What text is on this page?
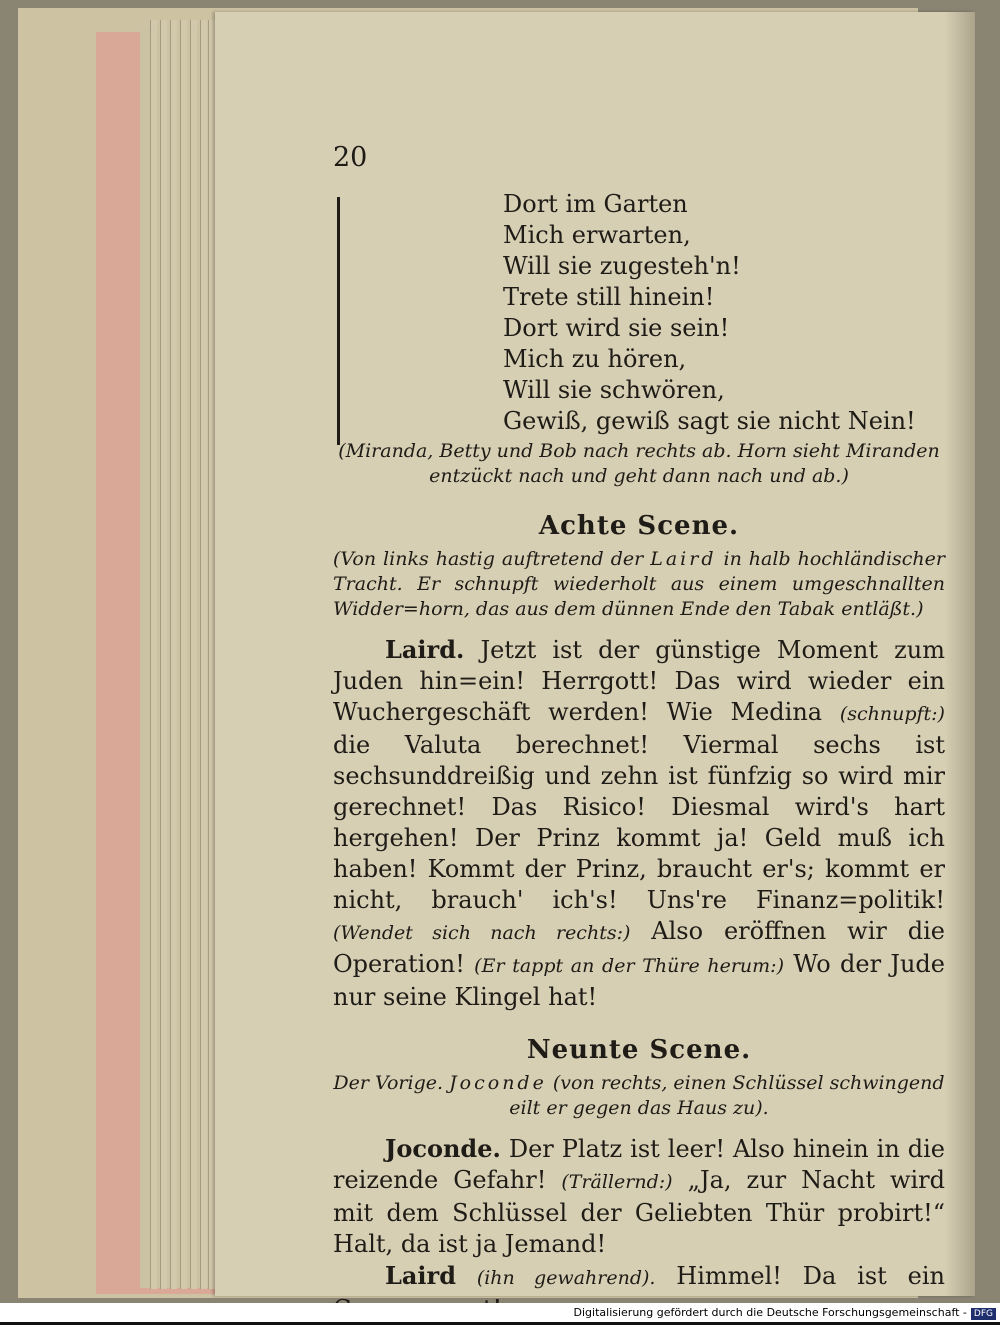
20
Dort im Garten
Mich erwarten,
Will sie zugesteh'n!
Trete still hinein!
Dort wird sie sein!
Mich zu hören,
Will sie schwören,
Gewiß, gewiß sagt sie nicht Nein!
(Miranda, Betty und Bob nach rechts ab. Horn sieht Miranden
entzückt nach und geht dann nach und ab.)
Achte Scene.
(Von links hastig auftretend der Laird in halb hochländischer Tracht. Er schnupft wiederholt aus einem umgeschnallten Widder=horn, das aus dem dünnen Ende den Tabak entläßt.)

Laird. Jetzt ist der günstige Moment zum Juden hin=ein! Herrgott! Das wird wieder ein Wuchergeschäft werden! Wie Medina (schnupft:) die Valuta berechnet! Viermal sechs ist sechsunddreißig und zehn ist fünfzig so wird mir gerechnet! Das Risico! Diesmal wird's hart hergehen! Der Prinz kommt ja! Geld muß ich haben! Kommt der Prinz, braucht er's; kommt er nicht, brauch' ich's! Uns're Finanz=politik! (Wendet sich nach rechts:) Also eröffnen wir die Operation! (Er tappt an der Thüre herum:) Wo der Jude nur seine Klingel hat!

Neunte Scene.
Der Vorige. Joconde (von rechts, einen Schlüssel schwingend
eilt er gegen das Haus zu).

Joconde. Der Platz ist leer! Also hinein in die reizende Gefahr! (Trällernd:) „Ja, zur Nacht wird mit dem Schlüssel der Geliebten Thür probirt!“ Halt, da ist ja Jemand!

Laird (ihn gewahrend). Himmel! Da ist ein

Digitalisierung gefördert durch die Deutsche Forschungsgemeinschaft - DFG
